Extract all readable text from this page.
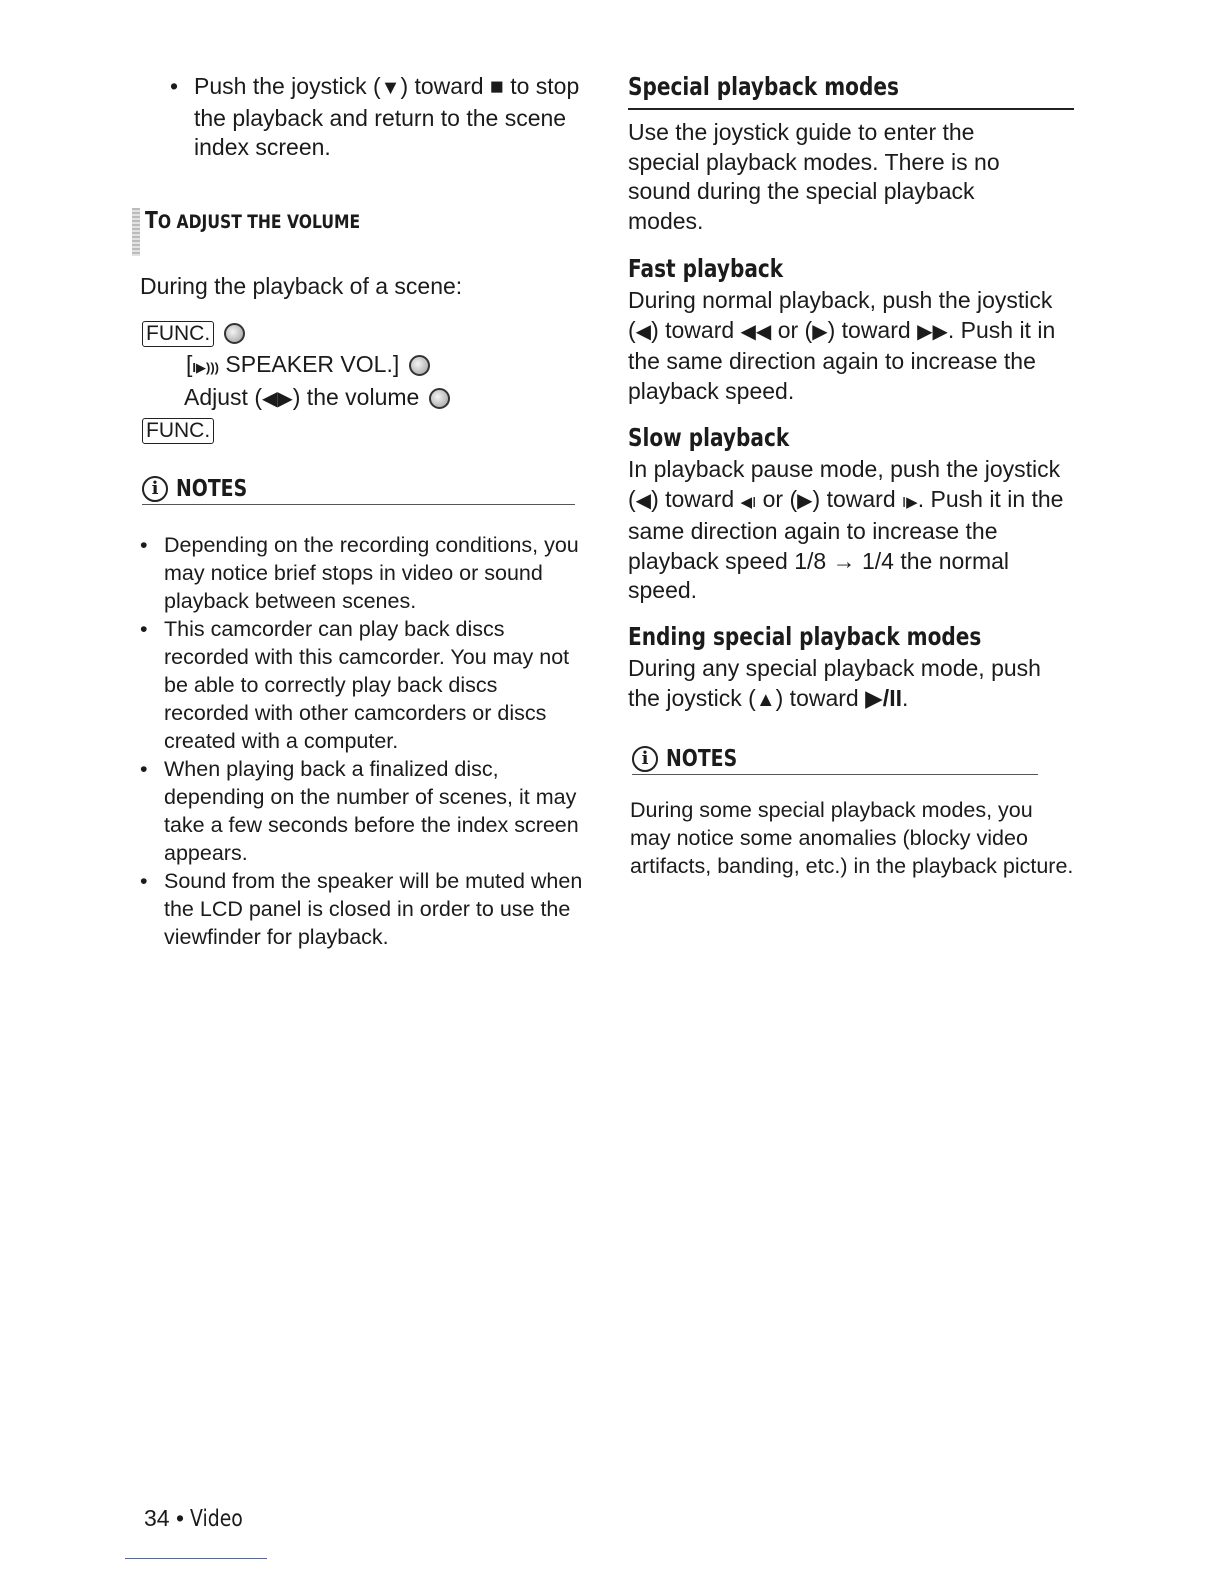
• Push the joystick (▼) toward ■ to stop the playback and return to the scene index screen.
TO ADJUST THE VOLUME
During the playback of a scene:
FUNC.
[I▶))) SPEAKER VOL.]
Adjust (◀▶) the volume
FUNC.
i NOTES
• Depending on the recording conditions, you may notice brief stops in video or sound playback between scenes.
• This camcorder can play back discs recorded with this camcorder. You may not be able to correctly play back discs recorded with other camcorders or discs created with a computer.
• When playing back a finalized disc, depending on the number of scenes, it may take a few seconds before the index screen appears.
• Sound from the speaker will be muted when the LCD panel is closed in order to use the viewfinder for playback.
Special playback modes
Use the joystick guide to enter the special playback modes. There is no sound during the special playback modes.
Fast playback
During normal playback, push the joystick (◀) toward ◀◀ or (▶) toward ▶▶. Push it in the same direction again to increase the playback speed.
Slow playback
In playback pause mode, push the joystick (◀) toward ◀I or (▶) toward I▶. Push it in the same direction again to increase the playback speed 1/8 → 1/4 the normal speed.
Ending special playback modes
During any special playback mode, push the joystick (▲) toward ▶/II.
i NOTES
During some special playback modes, you may notice some anomalies (blocky video artifacts, banding, etc.) in the playback picture.
34 • Video
